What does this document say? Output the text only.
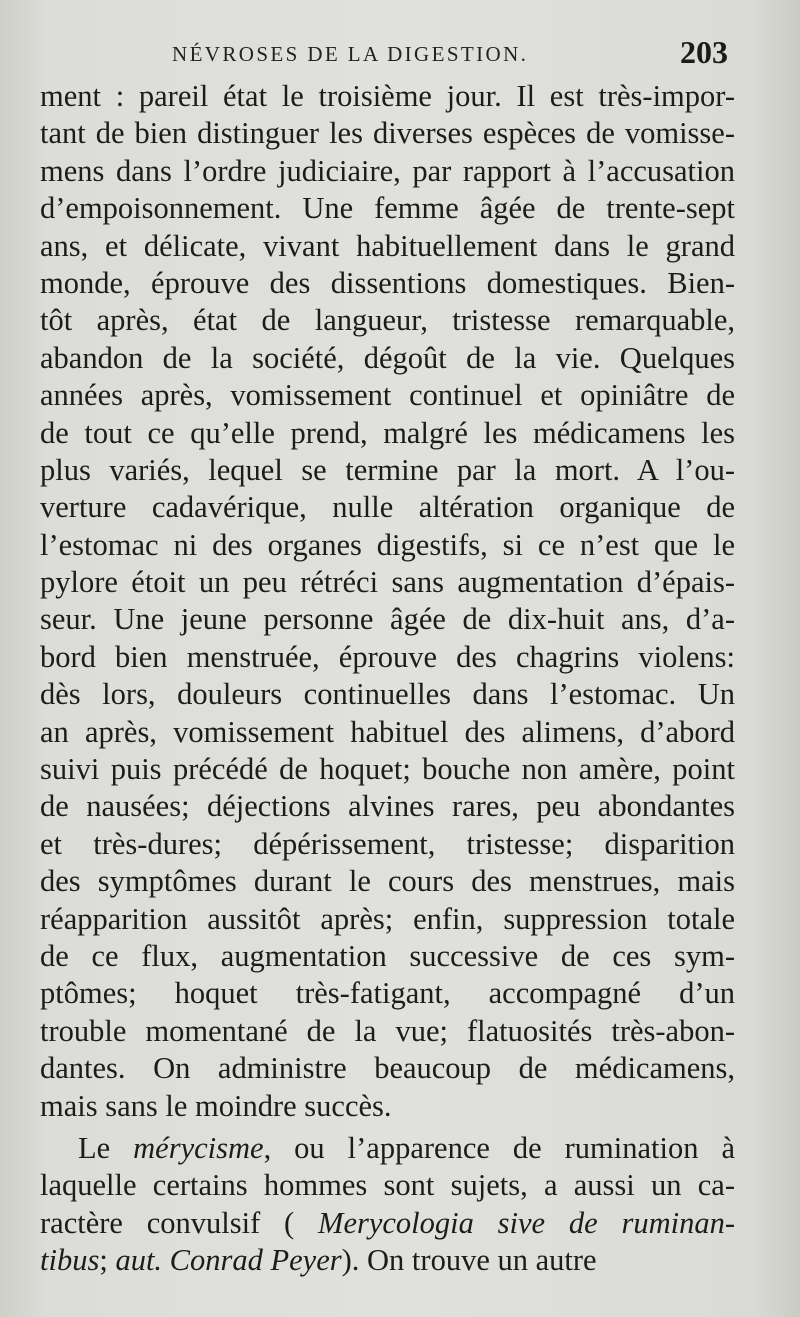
NÉVROSES DE LA DIGESTION.	203
ment : pareil état le troisième jour. Il est très-impor-
tant de bien distinguer les diverses espèces de vomisse-
mens dans l’ordre judiciaire, par rapport à l’accusation
d’empoisonnement. Une femme âgée de trente-sept
ans, et délicate, vivant habituellement dans le grand
monde, éprouve des dissentions domestiques. Bien-
tôt après, état de langueur, tristesse remarquable,
abandon de la société, dégoût de la vie. Quelques
années après, vomissement continuel et opiniâtre de
de tout ce qu’elle prend, malgré les médicamens les
plus variés, lequel se termine par la mort. A l’ou-
verture cadavérique, nulle altération organique de
l’estomac ni des organes digestifs, si ce n’est que le
pylore étoit un peu rétréci sans augmentation d’épais-
seur. Une jeune personne âgée de dix-huit ans, d’a-
bord bien menstruée, éprouve des chagrins violens:
dès lors, douleurs continuelles dans l’estomac. Un
an après, vomissement habituel des alimens, d’abord
suivi puis précédé de hoquet; bouche non amère, point
de nausées; déjections alvines rares, peu abondantes
et très-dures; dépérissement, tristesse; disparition
des symptômes durant le cours des menstrues, mais
réapparition aussitôt après; enfin, suppression totale
de ce flux, augmentation successive de ces sym-
ptômes; hoquet très-fatigant, accompagné d’un
trouble momentané de la vue; flatuosités très-abon-
dantes. On administre beaucoup de médicamens,
mais sans le moindre succès.
Le mérycisme, ou l’apparence de rumination à
laquelle certains hommes sont sujets, a aussi un ca-
ractère convulsif ( Merycologia sive de ruminan-
tibus; aut. Conrad Peyer). On trouve un autre
